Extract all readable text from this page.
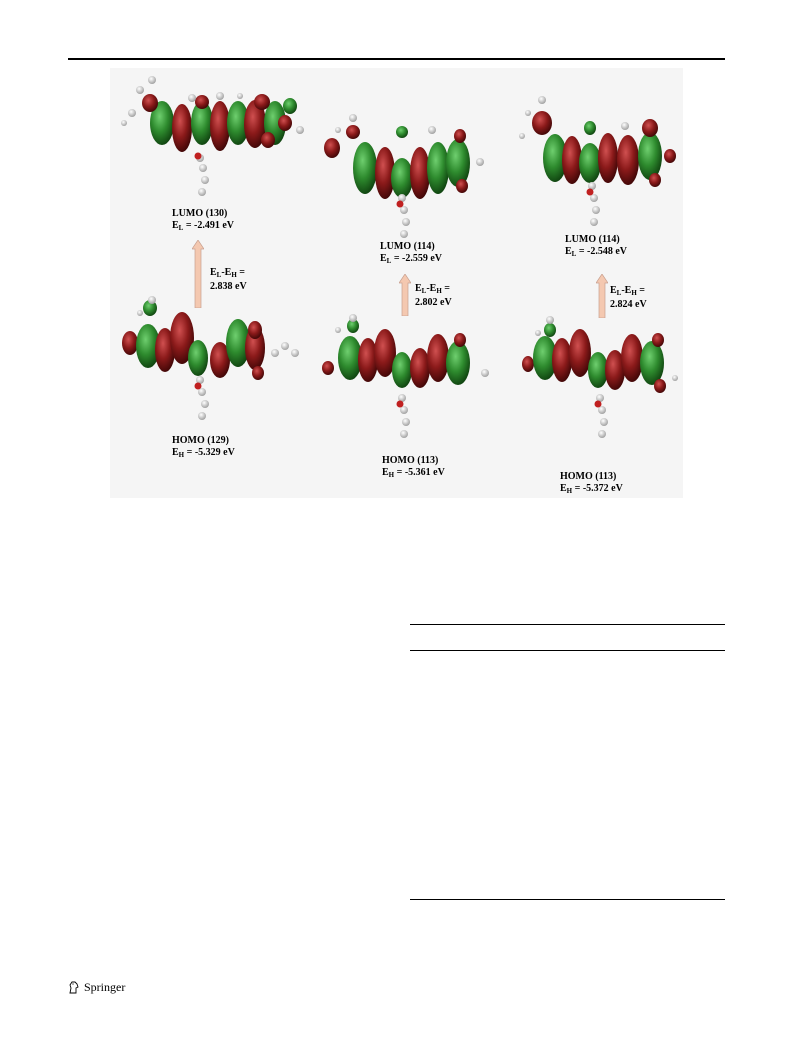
LUMO (130)
$E_L = -2.491$ eV
$E_L-E_H$ =
2.838 eV
HOMO (129)
$E_H = -5.329$ eV
LUMO (114)
$E_L = -2.559$ eV
$E_L-E_H$ =
2.802 eV
HOMO (113)
$E_H = -5.361$ eV
LUMO (114)
$E_L = -2.548$ eV
$E_L-E_H$ =
2.824 eV
HOMO (113)
$E_H = -5.372$ eV
Springer
